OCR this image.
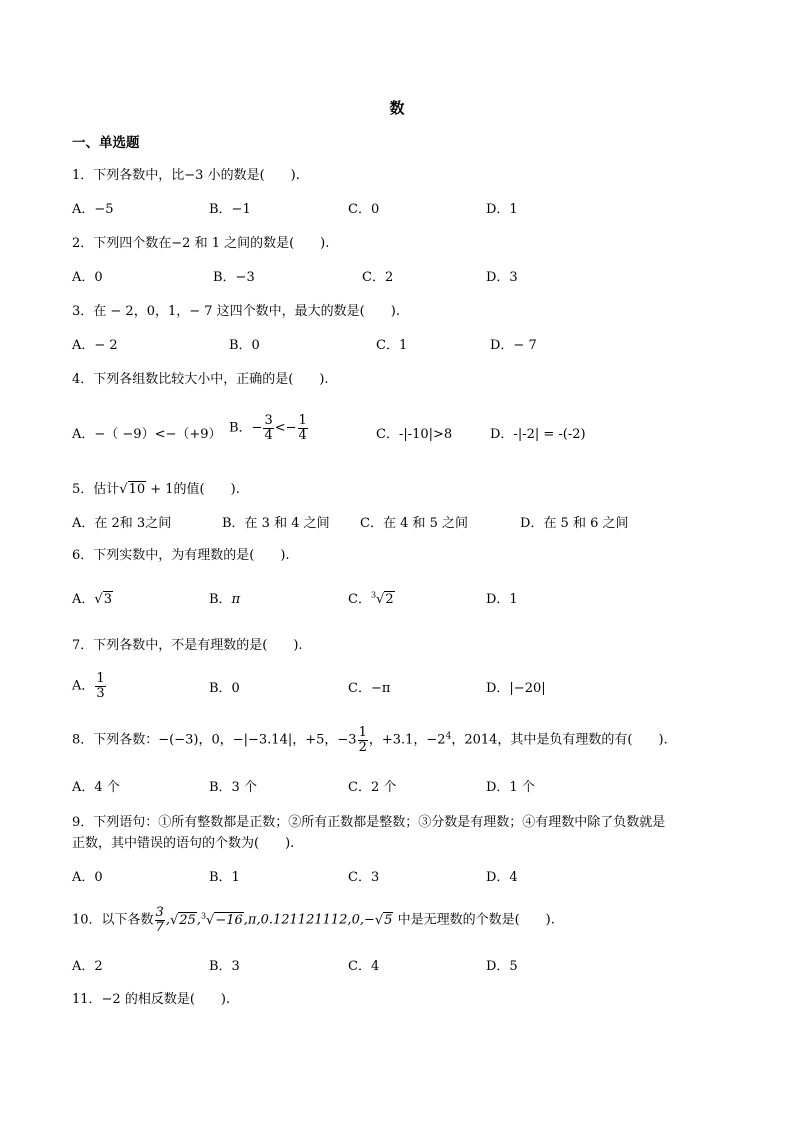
数
一、单选题
1．下列各数中，比−3 小的数是(　　).
A．−5	B．−1	C．0	D．1
2．下列四个数在−2 和 1 之间的数是(　　).
A．0	B．−3	C．2	D．3
3．在 − 2，0，1，− 7 这四个数中，最大的数是(　　).
A．− 2	B．0	C．1	D．− 7
4．下列各组数比较大小中，正确的是(　　).
A．−（ −9）<−（+9） B．− $\frac{3}{4} <- \frac{1}{4}$	C．-|-10|>8	D．-|-2| = -(-2)
5．估计√10 + 1的值(　　).
A．在 2和 3之间	B．在 3 和 4 之间 C．在 4 和 5 之间	D．在 5 和 6 之间
6．下列实数中，为有理数的是(　　).
A．√3	B．π	C．$^3$√2	D．1
7．下列各数中，不是有理数的是(　　).
A． $\frac{1}{3}$	B．0	C．−π	D．|−20|
8．下列各数：−(−3)，0，−|−3.14|，+5，$-3 \frac{1}{2}$ ，+3.1，$-2^4$，2014，其中是负有理数的有(　　).
A．4 个	B．3 个	C．2 个	D．1 个
9．下列语句：①所有整数都是正数；②所有正数都是整数；③分数是有理数；④有理数中除了负数就是
正数，其中错误的语句的个数为(　　).
A．0	B．1	C．3	D．4
10．以下各数 $\frac{3}{7} ,√25,^3√-16,\pi,0.121121112,0,-√5$ 中是无理数的个数是(　　).
A．2	B．3	C．4	D．5
11．−2 的相反数是(　　).
